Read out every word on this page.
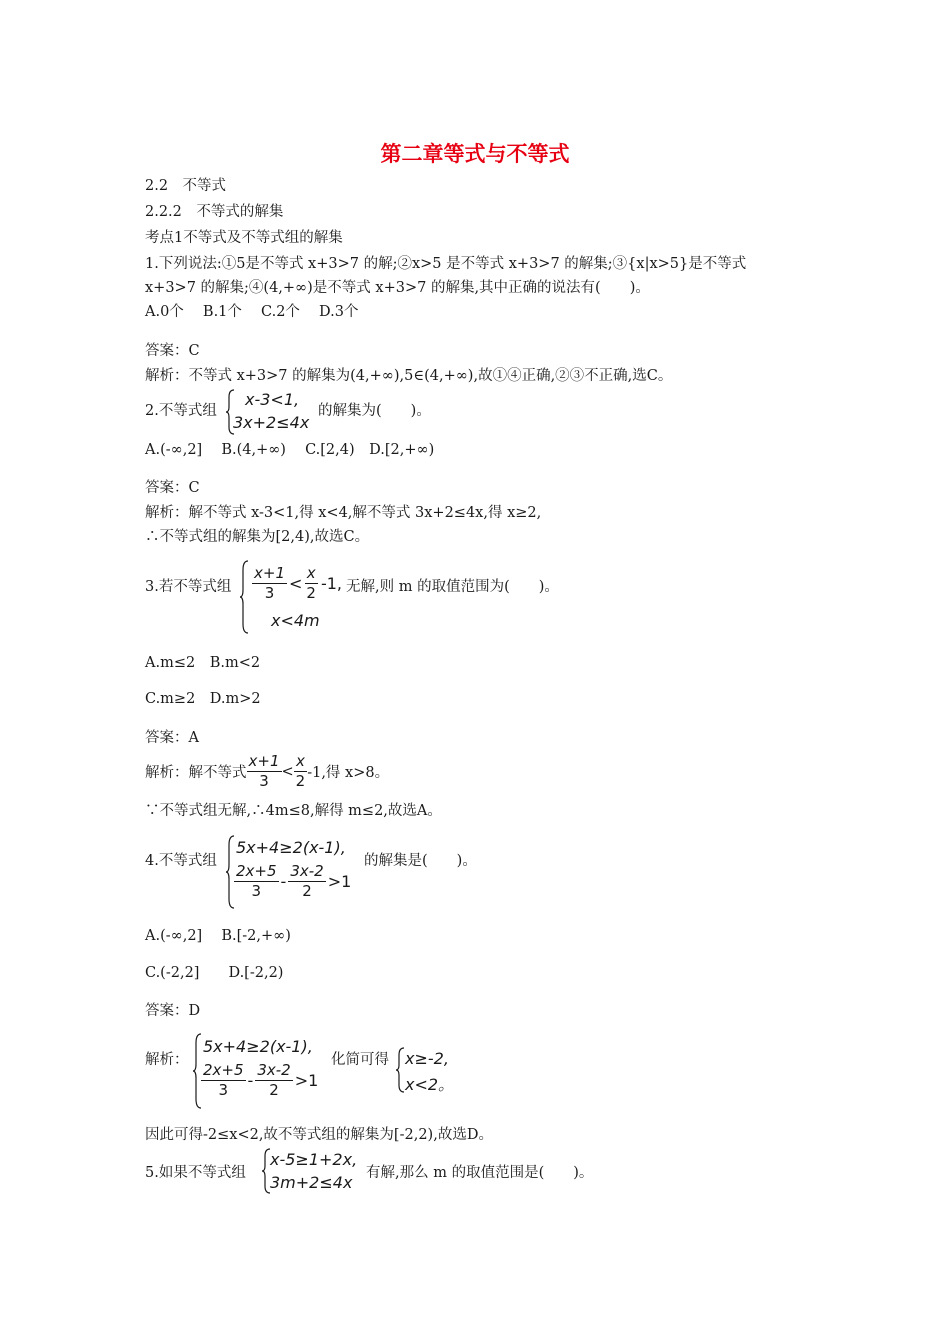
第二章等式与不等式
2.2　不等式
2.2.2　不等式的解集
考点1不等式及不等式组的解集
1.下列说法:①5是不等式 x+3>7 的解;②x>5 是不等式 x+3>7 的解集;③{x|x>5}是不等式
x+3>7 的解集;④(4,+∞)是不等式 x+3>7 的解集,其中正确的说法有(　　)。
A.0个　 B.1个　 C.2个　 D.3个
答案：C
解析：不等式 x+3>7 的解集为(4,+∞),5∈(4,+∞),故①④正确,②③不正确,选C。
2.不等式组
x-3<1,
3x+2≤4x
的解集为(　　)。
A.(-∞,2]　 B.(4,+∞)　 C.[2,4)　D.[2,+∞)
答案：C
解析：解不等式 x-3<1,得 x<4,解不等式 3x+2≤4x,得 x≥2,
∴不等式组的解集为[2,4),故选C。
3.若不等式组 $\frac{x+1}{3} < \frac{x}{2} -1$,
x<4m
无解,则 m 的取值范围为(　　)。
A.m≤2　B.m<2
C.m≥2　D.m>2
答案：A
解析：解不等式 $\frac{x+1}{3} < \frac{x}{2} -1$,得 x>8。
∵不等式组无解,∴4m≤8,解得 m≤2,故选A。
4.不等式组
5x+4≥2(x-1),
$\frac{2x+5}{3} - \frac{3x-2}{2} >1$
的解集是(　　)。
A.(-∞,2]　 B.[-2,+∞)
C.(-2,2]　　D.[-2,2)
答案：D
解析：
5x+4≥2(x-1),
$\frac{2x+5}{3} - \frac{3x-2}{2} >1$
化简可得 x≥-2,
x<2。
因此可得-2≤x<2,故不等式组的解集为[-2,2),故选D。
5.如果不等式组
x-5≥1+2x,
3m+2≤4x 有解,那么 m 的取值范围是(　　)。
